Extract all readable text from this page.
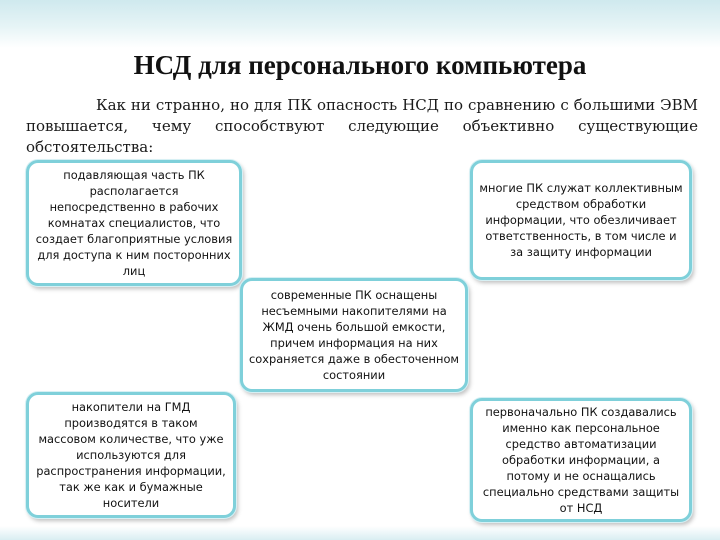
НСД для персонального компьютера

Как ни странно, но для ПК опасность НСД по сравнению с большими ЭВМ повышается, чему способствуют следующие объективно существующие обстоятельства:

подавляющая часть ПК располагается непосредственно в рабочих комнатах специалистов, что создает благоприятные условия для доступа к ним посторонних лиц
многие ПК служат коллективным средством обработки информации, что обезличивает ответственность, в том числе и за защиту информации
современные ПК оснащены несъемными накопителями на ЖМД очень большой емкости, причем информация на них сохраняется даже в обесточенном состоянии
накопители на ГМД производятся в таком массовом количестве, что уже используются для распространения информации, так же как и бумажные носители
первоначально ПК создавались именно как персональное средство автоматизации обработки информации, а потому и не оснащались специально средствами защиты от НСД
